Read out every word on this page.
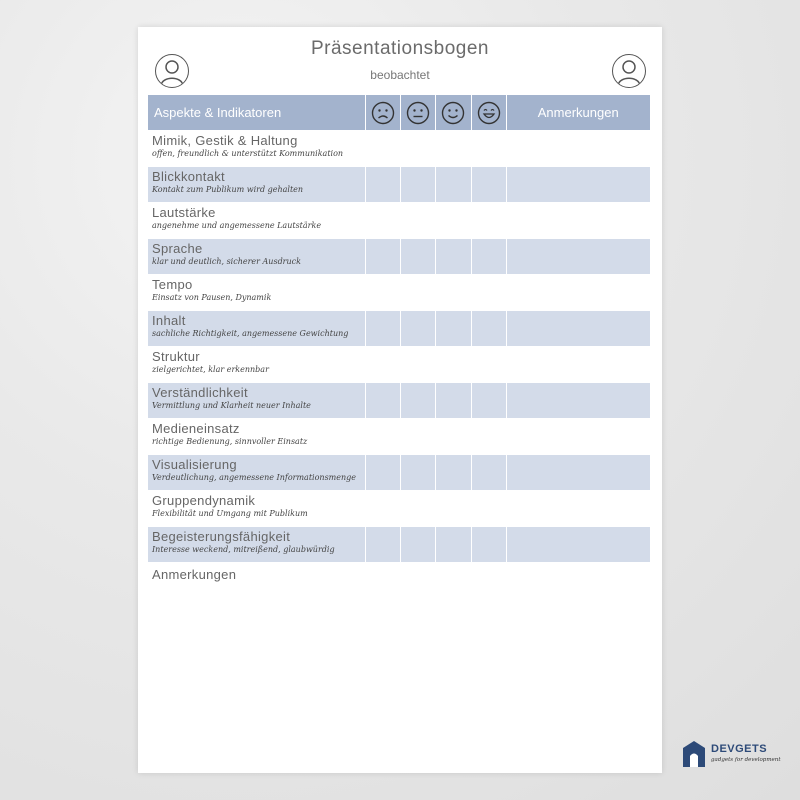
Präsentationsbogen
beobachtet
Aspekte & Indikatoren					Anmerkungen

Mimik, Gestik & Haltung
offen, freundlich & unterstützt Kommunikation					

Blickkontakt
Kontakt zum Publikum wird gehalten					

Lautstärke
angenehme und angemessene Lautstärke					

Sprache
klar und deutlich, sicherer Ausdruck					

Tempo
Einsatz von Pausen, Dynamik					

Inhalt
sachliche Richtigkeit, angemessene Gewichtung					

Struktur
zielgerichtet, klar erkennbar					

Verständlichkeit
Vermittlung und Klarheit neuer Inhalte					

Medieneinsatz
richtige Bedienung, sinnvoller Einsatz					

Visualisierung
Verdeutlichung, angemessene Informationsmenge					

Gruppendynamik
Flexibilität und Umgang mit Publikum					

Begeisterungsfähigkeit
Interesse weckend, mitreißend, glaubwürdig					

Anmerkungen
DEVGETS
gadgets for development
